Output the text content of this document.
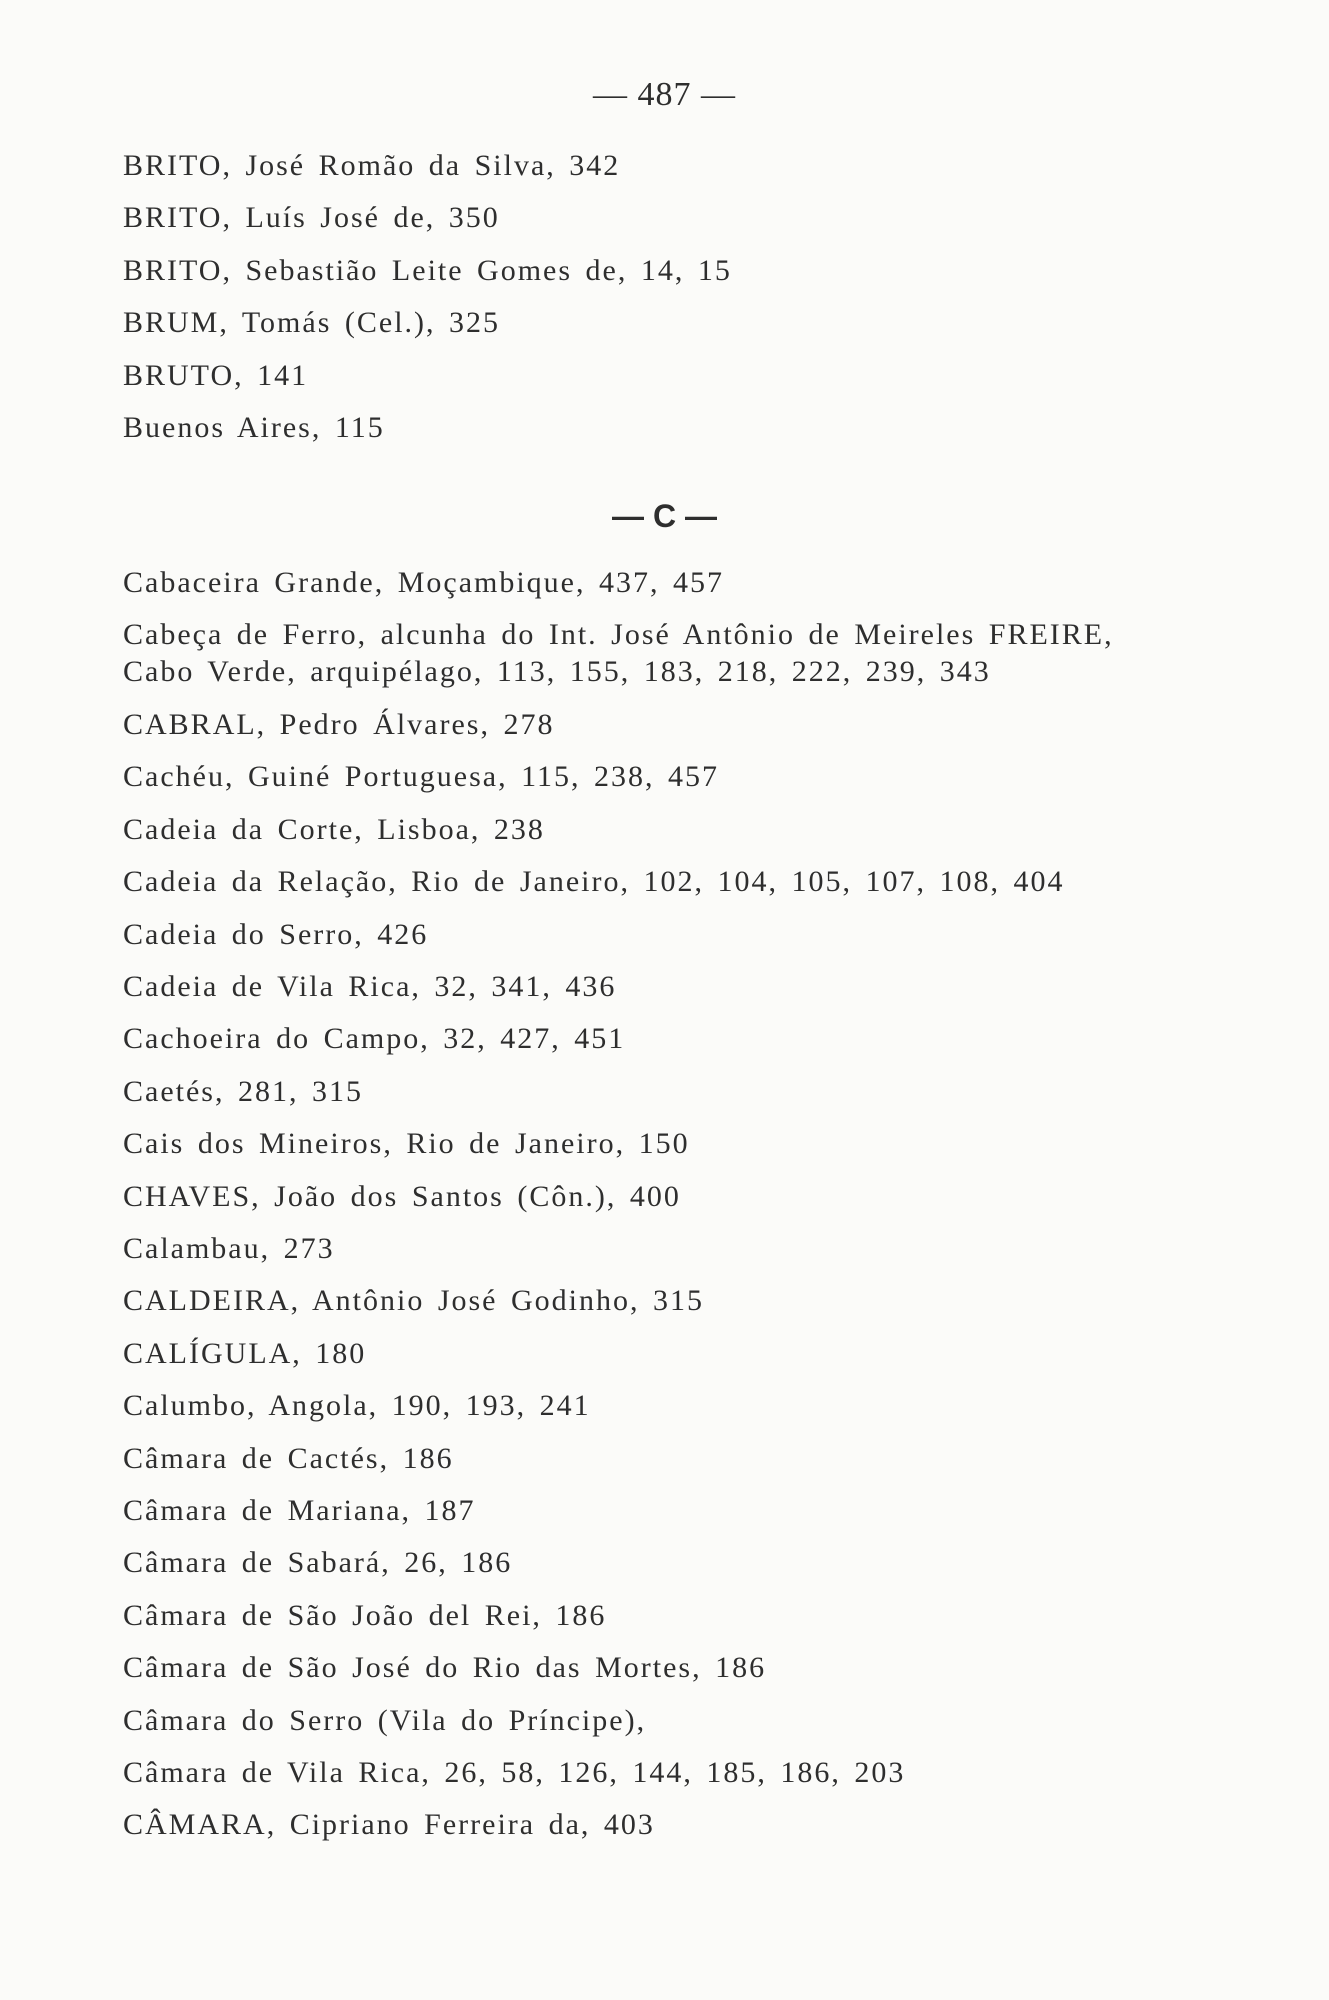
— 487 —
BRITO, José Romão da Silva, 342
BRITO, Luís José de, 350
BRITO, Sebastião Leite Gomes de, 14, 15
BRUM, Tomás (Cel.), 325
BRUTO, 141
Buenos Aires, 115
— C —
Cabaceira Grande, Moçambique, 437, 457
Cabeça de Ferro, alcunha do Int. José Antônio de Meireles FREIRE,
Cabo Verde, arquipélago, 113, 155, 183, 218, 222, 239, 343
CABRAL, Pedro Álvares, 278
Cachéu, Guiné Portuguesa, 115, 238, 457
Cadeia da Corte, Lisboa, 238
Cadeia da Relação, Rio de Janeiro, 102, 104, 105, 107, 108, 404
Cadeia do Serro, 426
Cadeia de Vila Rica, 32, 341, 436
Cachoeira do Campo, 32, 427, 451
Caetés, 281, 315
Cais dos Mineiros, Rio de Janeiro, 150
CHAVES, João dos Santos (Côn.), 400
Calambau, 273
CALDEIRA, Antônio José Godinho, 315
CALÍGULA, 180
Calumbo, Angola, 190, 193, 241
Câmara de Cactés, 186
Câmara de Mariana, 187
Câmara de Sabará, 26, 186
Câmara de São João del Rei, 186
Câmara de São José do Rio das Mortes, 186
Câmara do Serro (Vila do Príncipe),
Câmara de Vila Rica, 26, 58, 126, 144, 185, 186, 203
CÂMARA, Cipriano Ferreira da, 403
